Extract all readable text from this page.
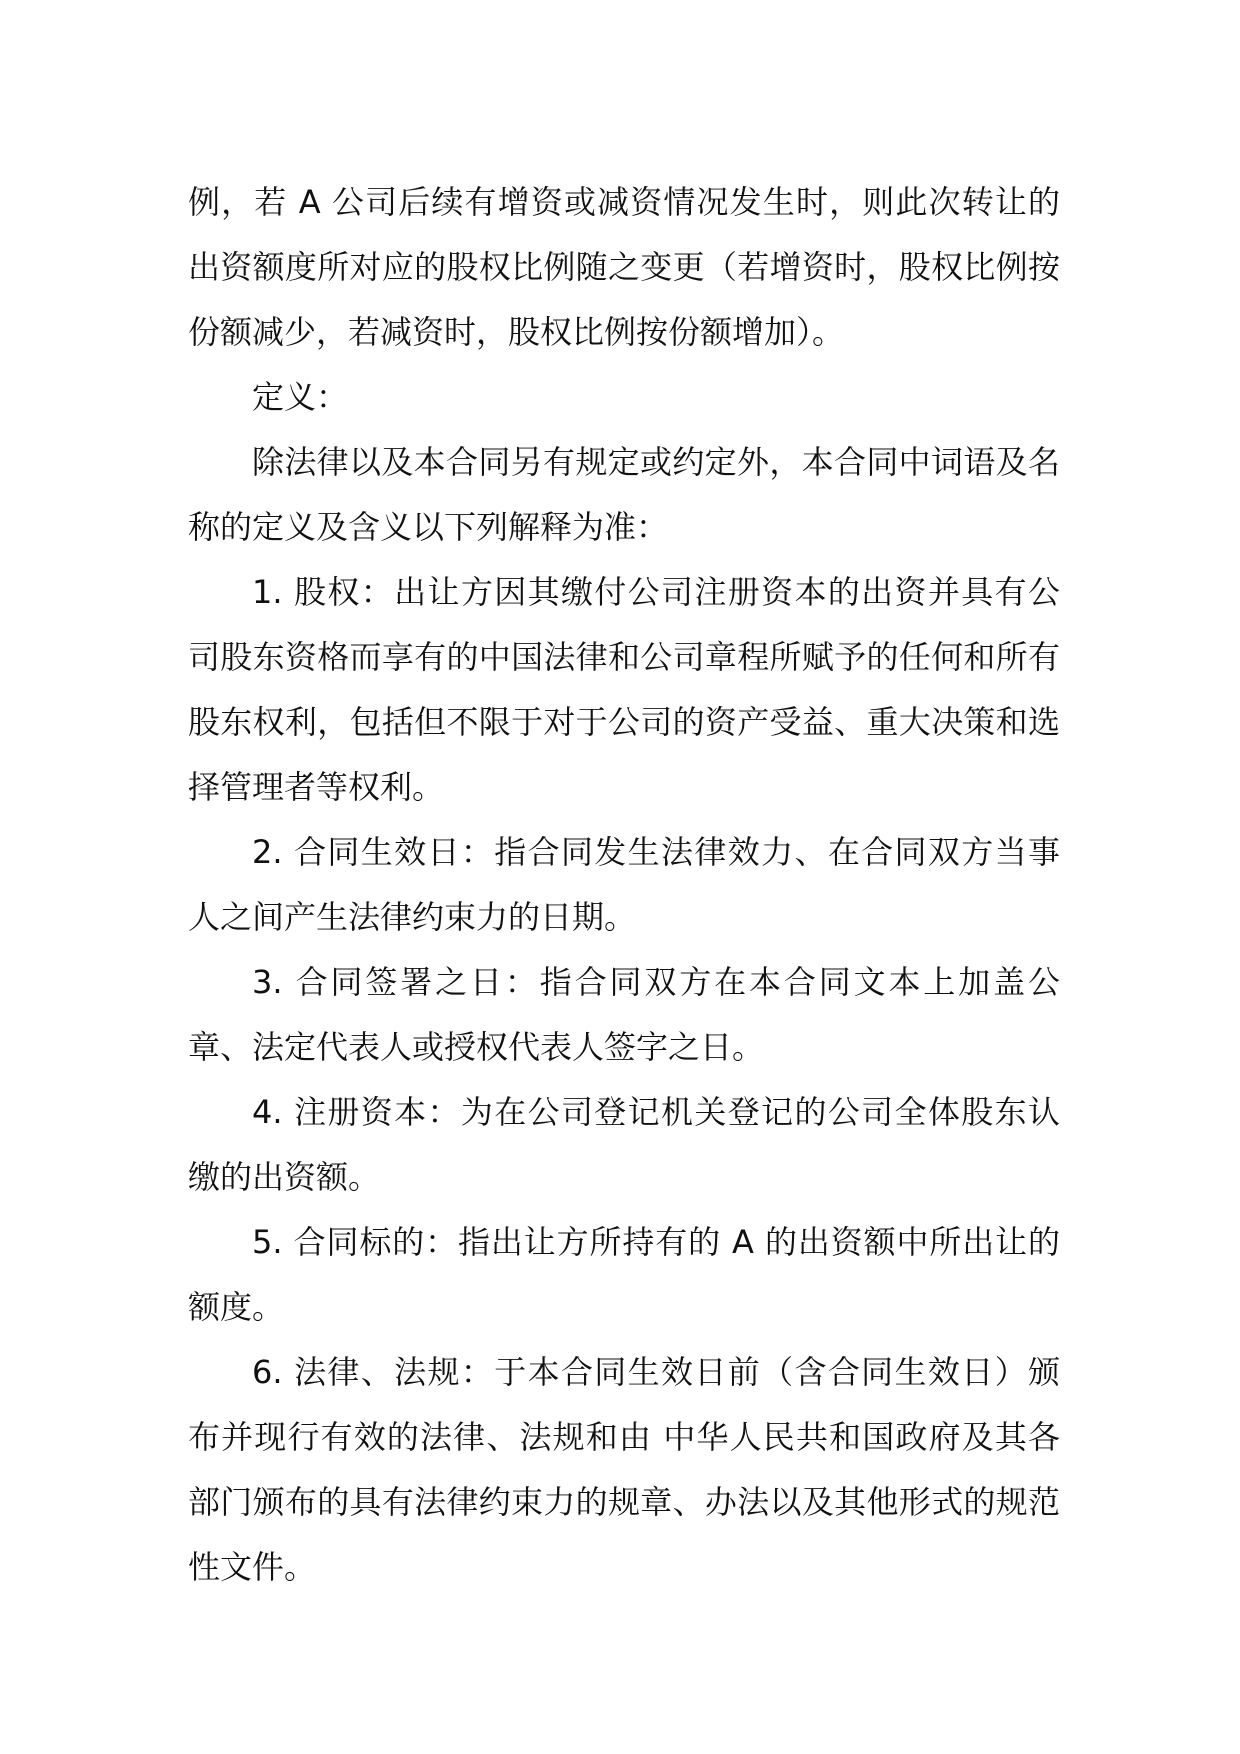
例，若 A 公司后续有增资或减资情况发生时，则此次转让的出资额度所对应的股权比例随之变更（若增资时，股权比例按份额减少，若减资时，股权比例按份额增加）。

定义：

除法律以及本合同另有规定或约定外，本合同中词语及名称的定义及含义以下列解释为准：

1. 股权：出让方因其缴付公司注册资本的出资并具有公司股东资格而享有的中国法律和公司章程所赋予的任何和所有股东权利，包括但不限于对于公司的资产受益、重大决策和选择管理者等权利。

2. 合同生效日：指合同发生法律效力、在合同双方当事人之间产生法律约束力的日期。

3. 合同签署之日：指合同双方在本合同文本上加盖公章、法定代表人或授权代表人签字之日。

4. 注册资本：为在公司登记机关登记的公司全体股东认缴的出资额。

5. 合同标的：指出让方所持有的 A 的出资额中所出让的额度。

6. 法律、法规：于本合同生效日前（含合同生效日）颁布并现行有效的法律、法规和由 中华人民共和国政府及其各部门颁布的具有法律约束力的规章、办法以及其他形式的规范性文件。
